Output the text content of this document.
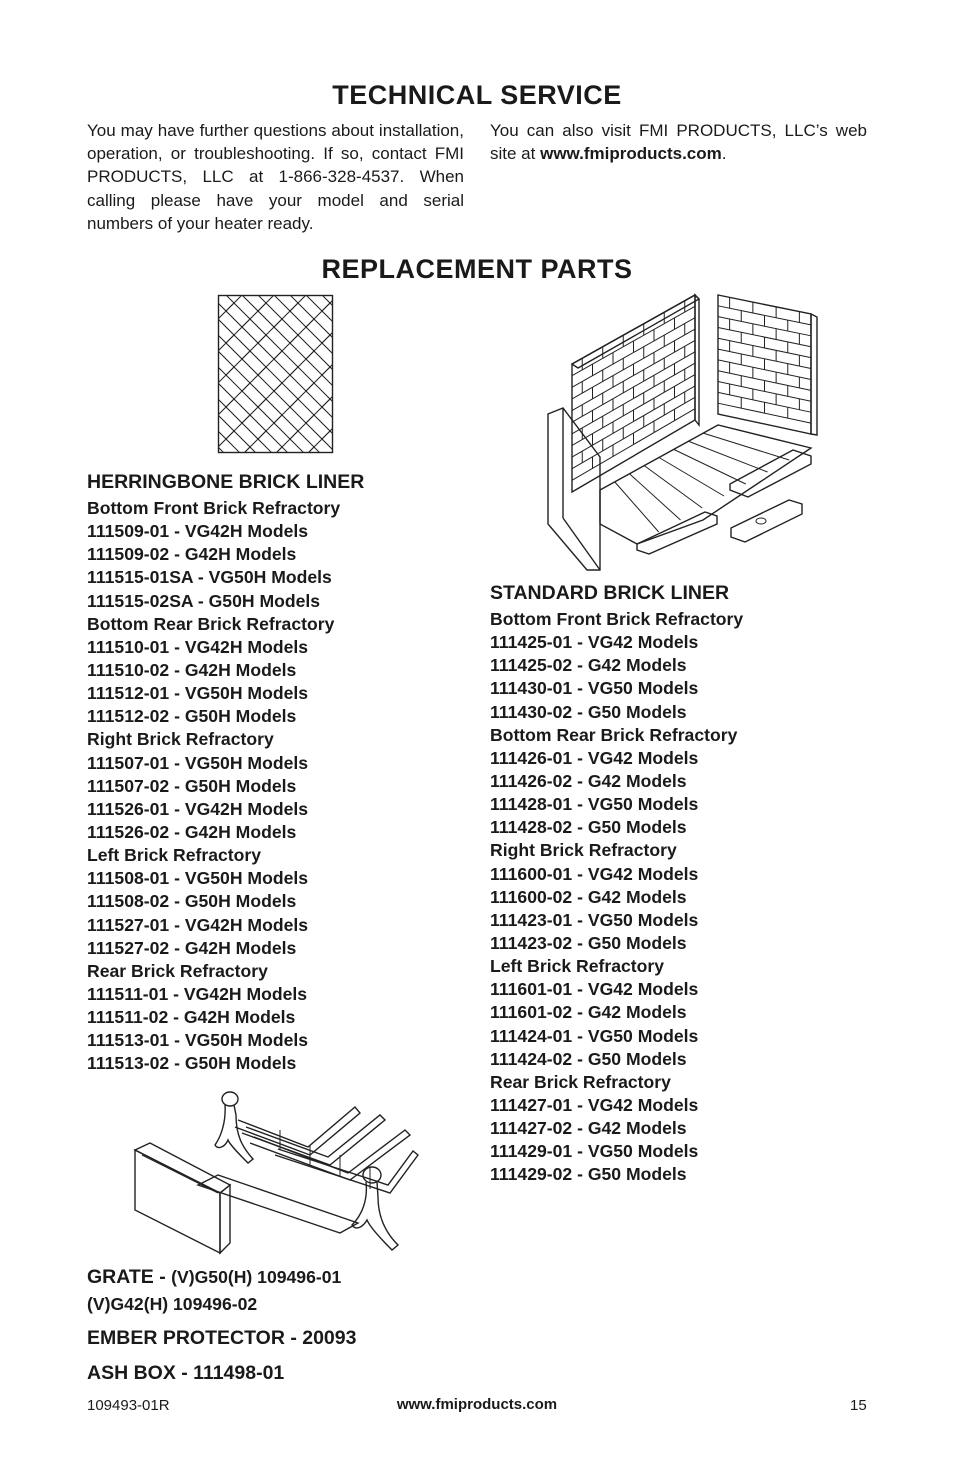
TECHNICAL SERVICE
You may have further questions about installation, operation, or troubleshooting. If so, contact FMI PRODUCTS, LLC at 1-866-328-4537. When calling please have your model and serial numbers of your heater ready.
You can also visit FMI PRODUCTS, LLC’s web site at www.fmiproducts.com.
REPLACEMENT PARTS
HERRINGBONE BRICK LINER
Bottom Front Brick Refractory
111509-01 - VG42H Models
111509-02 - G42H Models
111515-01SA - VG50H Models
111515-02SA - G50H Models
Bottom Rear Brick Refractory
111510-01 - VG42H Models
111510-02 - G42H Models
111512-01 - VG50H Models
111512-02 - G50H Models
Right Brick Refractory
111507-01 - VG50H Models
111507-02 - G50H Models
111526-01 - VG42H Models
111526-02 - G42H Models
Left Brick Refractory
111508-01 - VG50H Models
111508-02 - G50H Models
111527-01 - VG42H Models
111527-02 - G42H Models
Rear Brick Refractory
111511-01 - VG42H Models
111511-02 - G42H Models
111513-01 - VG50H Models
111513-02 - G50H Models
STANDARD BRICK LINER
Bottom Front Brick Refractory
111425-01 - VG42 Models
111425-02 - G42 Models
111430-01 - VG50 Models
111430-02 - G50 Models
Bottom Rear Brick Refractory
111426-01 - VG42 Models
111426-02 - G42 Models
111428-01 - VG50 Models
111428-02 - G50 Models
Right Brick Refractory
111600-01 - VG42 Models
111600-02 - G42 Models
111423-01 - VG50 Models
111423-02 - G50 Models
Left Brick Refractory
111601-01 - VG42 Models
111601-02 - G42 Models
111424-01 - VG50 Models
111424-02 - G50 Models
Rear Brick Refractory
111427-01 - VG42 Models
111427-02 - G42 Models
111429-01 - VG50 Models
111429-02 - G50 Models
GRATE - (V)G50(H) 109496-01
(V)G42(H) 109496-02
EMBER PROTECTOR - 20093
ASH BOX - 111498-01
109493-01R	www.fmiproducts.com	15
